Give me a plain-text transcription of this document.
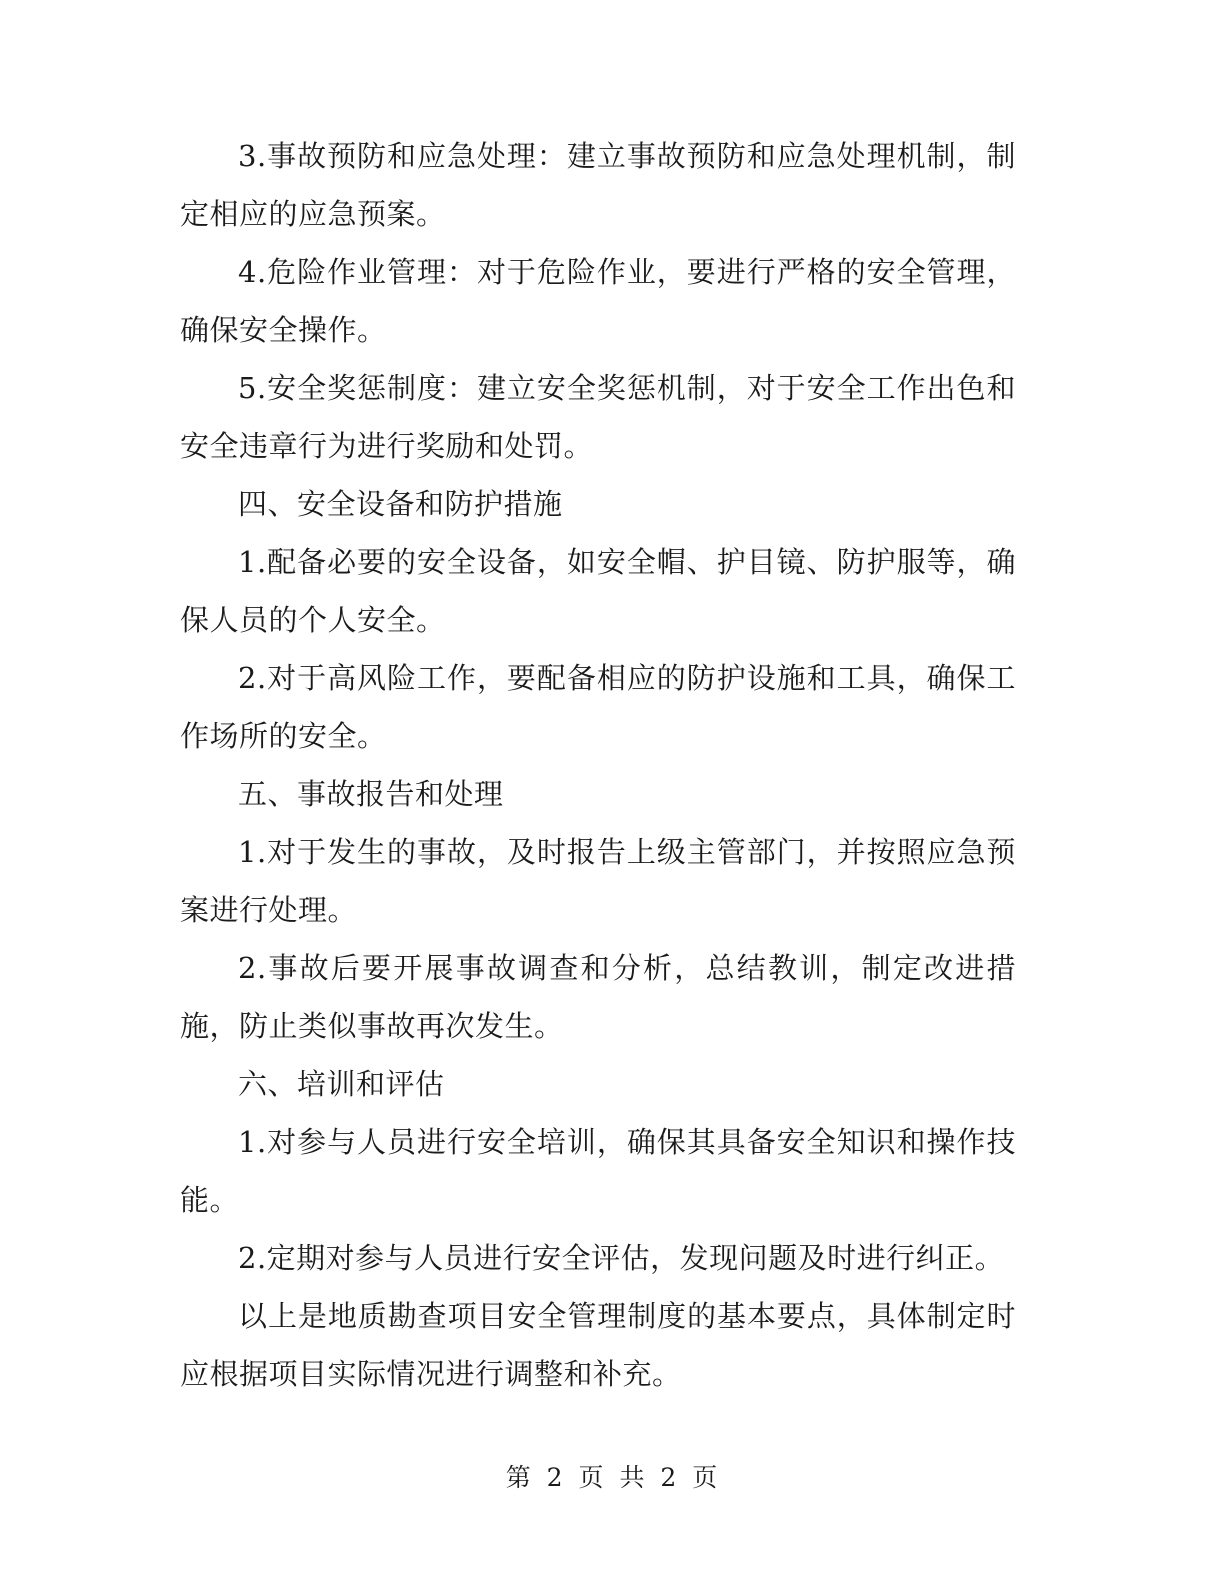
3.事故预防和应急处理：建立事故预防和应急处理机制，制定相应的应急预案。

4.危险作业管理：对于危险作业，要进行严格的安全管理，确保安全操作。

5.安全奖惩制度：建立安全奖惩机制，对于安全工作出色和安全违章行为进行奖励和处罚。

四、安全设备和防护措施

1.配备必要的安全设备，如安全帽、护目镜、防护服等，确保人员的个人安全。

2.对于高风险工作，要配备相应的防护设施和工具，确保工作场所的安全。

五、事故报告和处理

1.对于发生的事故，及时报告上级主管部门，并按照应急预案进行处理。

2.事故后要开展事故调查和分析，总结教训，制定改进措施，防止类似事故再次发生。

六、培训和评估

1.对参与人员进行安全培训，确保其具备安全知识和操作技能。

2.定期对参与人员进行安全评估，发现问题及时进行纠正。

以上是地质勘查项目安全管理制度的基本要点，具体制定时应根据项目实际情况进行调整和补充。

第 2 页 共 2 页
